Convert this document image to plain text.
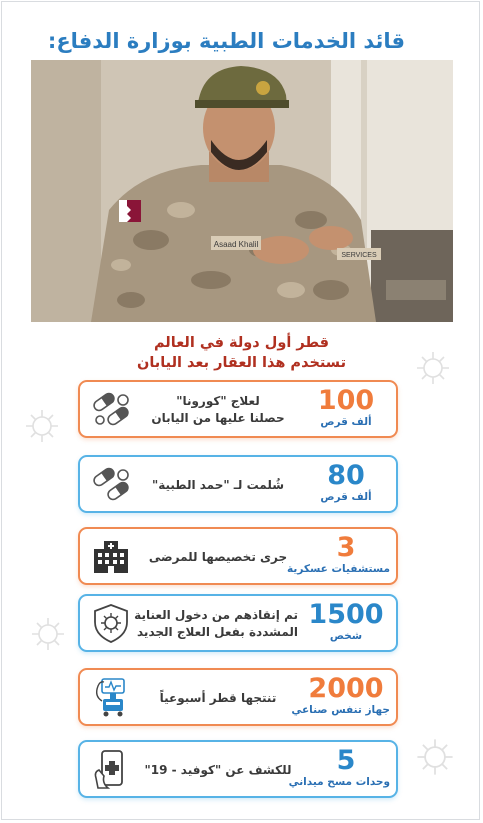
قائد الخدمات الطبية بوزارة الدفاع:
Asaad Khalil
SERVICES
قطر أول دولة في العالم
تستخدم هذا العقار بعد اليابان
100
ألف قرص
لعلاج "كورونا"
حصلنا عليها من اليابان
80
ألف قرص
شُلمت لـ "حمد الطبية"
3
مستشفيات عسكرية
جرى تخصيصها للمرضى
1500
شخص
تم إنقاذهم من دخول العناية
المشددة بفعل العلاج الجديد
2000
جهاز تنفس صناعي
تنتجها قطر أسبوعياً
5
وحدات مسح ميداني
للكشف عن "كوفيد - 19"
